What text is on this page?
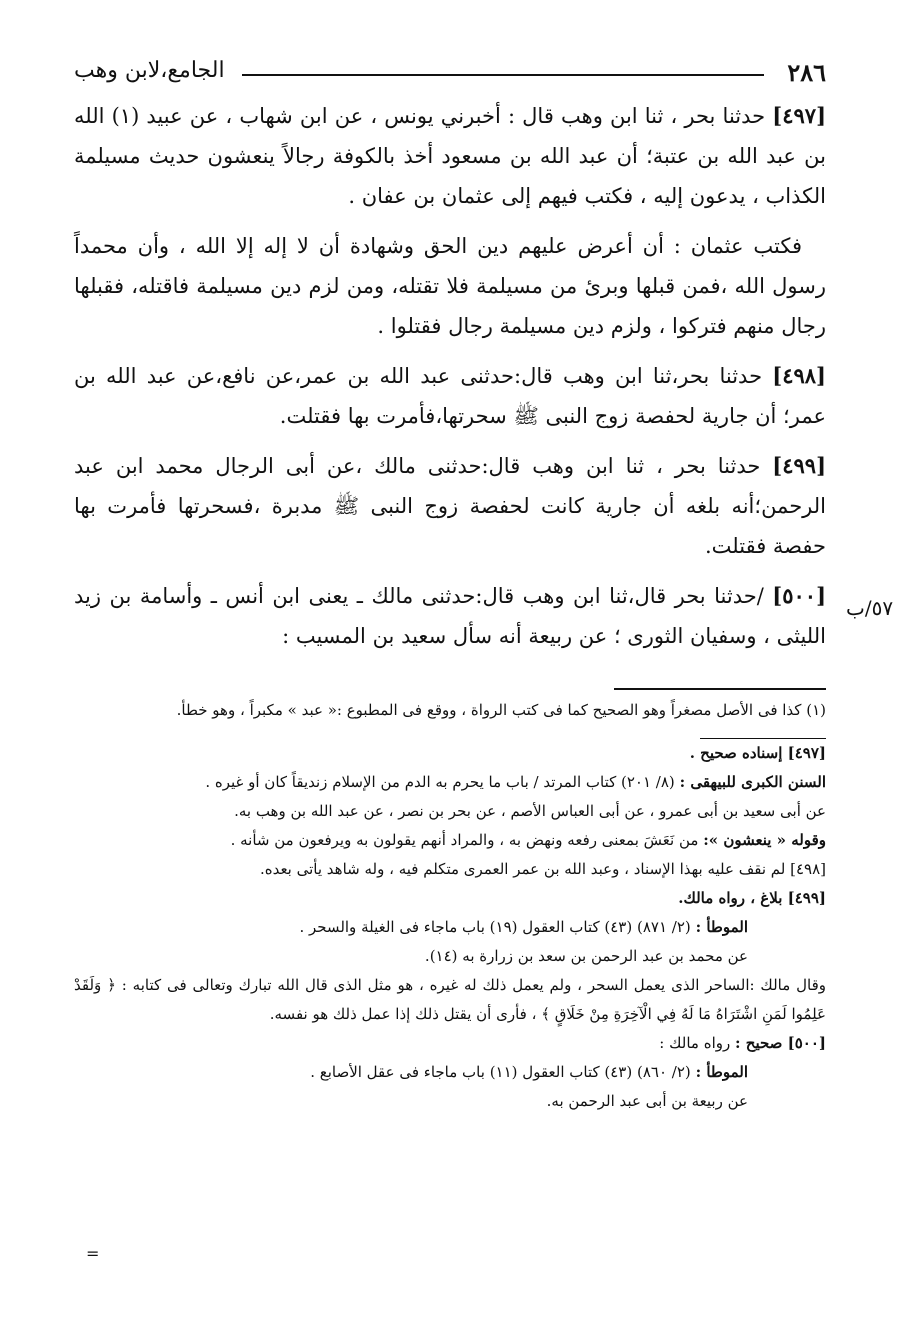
٢٨٦
الجامع،لابن وهب

[٤٩٧] حدثنا بحر ، ثنا ابن وهب قال : أخبرني يونس ، عن ابن شهاب ، عن عبيد (١) الله بن عبد الله بن عتبة؛ أن عبد الله بن مسعود أخذ بالكوفة رجالاً ينعشون حديث مسيلمة الكذاب ، يدعون إليه ، فكتب فيهم إلى عثمان بن عفان .

فكتب عثمان : أن أعرض عليهم دين الحق وشهادة أن لا إله إلا الله ، وأن محمداً رسول الله ،فمن قبلها وبرئ من مسيلمة فلا تقتله، ومن لزم دين مسيلمة فاقتله، فقبلها رجال منهم فتركوا ، ولزم دين مسيلمة رجال فقتلوا .

[٤٩٨] حدثنا بحر،ثنا ابن وهب قال:حدثنى عبد الله بن عمر،عن نافع،عن عبد الله بن عمر؛ أن جارية لحفصة زوج النبى ﷺ سحرتها،فأمرت بها فقتلت.

[٤٩٩] حدثنا بحر ، ثنا ابن وهب قال:حدثنى مالك ،عن أبى الرجال محمد ابن عبد الرحمن؛أنه بلغه أن جارية كانت لحفصة زوج النبى ﷺ مدبرة ،فسحرتها فأمرت بها حفصة فقتلت.

[٥٠٠] /حدثنا بحر قال،ثنا ابن وهب قال:حدثنى مالك ـ يعنى ابن أنس ـ وأسامة بن زيد الليثى ، وسفيان الثورى ؛ عن ربيعة أنه سأل سعيد بن المسيب :

٥٧/ب

(١) كذا فى الأصل مصغراً وهو الصحيح كما فى كتب الرواة ، ووقع فى المطبوع :« عبد » مكبراً ، وهو خطأ.

[٤٩٧] إسناده صحيح .

السنن الكبرى للبيهقى : (٨/ ٢٠١) كتاب المرتد / باب ما يحرم به الدم من الإسلام زنديقاً كان أو غيره .

عن أبى سعيد بن أبى عمرو ، عن أبى العباس الأصم ، عن بحر بن نصر ، عن عبد الله بن وهب به.

وقوله « ينعشون »: من نَعَشَ بمعنى رفعه ونهض به ، والمراد أنهم يقولون به ويرفعون من شأنه .

[٤٩٨] لم نقف عليه بهذا الإسناد ، وعبد الله بن عمر العمرى متكلم فيه ، وله شاهد يأتى بعده.

[٤٩٩] بلاغ ، رواه مالك.

الموطأ : (٢/ ٨٧١) (٤٣) كتاب العقول (١٩) باب ماجاء فى الغيلة والسحر .

عن محمد بن عبد الرحمن بن سعد بن زرارة به (١٤).

وقال مالك :الساحر الذى يعمل السحر ، ولم يعمل ذلك له غيره ، هو مثل الذى قال الله تبارك وتعالى فى كتابه : ﴿ وَلَقَدْ عَلِمُوا لَمَنِ اشْتَرَاهُ مَا لَهُ فِي الْآخِرَةِ مِنْ خَلَاقٍ ﴾ ، فأرى أن يقتل ذلك إذا عمل ذلك هو نفسه.

[٥٠٠] صحيح : رواه مالك :

الموطأ : (٢/ ٨٦٠) (٤٣) كتاب العقول (١١) باب ماجاء فى عقل الأصابع .

عن ربيعة بن أبى عبد الرحمن به.

=
